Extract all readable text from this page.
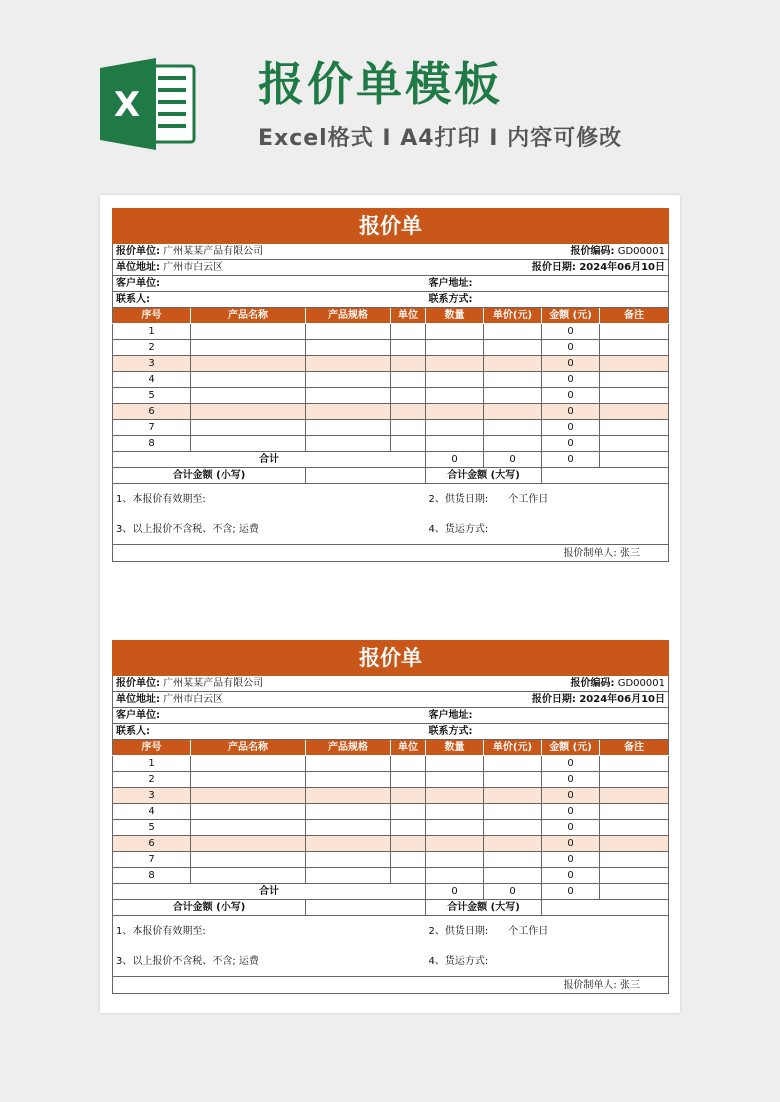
X	报价单模板
Excel格式 I A4打印 I 内容可修改
报价单							
报价单位: 广州某某产品有限公司					报价编码: GD00001		
单位地址: 广州市白云区					报价日期: 2024年06月10日		
客户单位:				客户地址:			
联系人:				联系方式:			
序号	产品名称	产品规格	单位	数量	单价(元)	金额 (元)	备注
1						0	
2						0	
3						0	
4						0	
5						0	
6						0	
7						0	
8						0	
合计				0	0	0	
合计金额 (小写)				合计金额 (大写)			
1、本报价有效期至:				2、供货日期: 个工作日			
3、以上报价不含税、不含; 运费				4、货运方式:			
报价制单人: 张三							
报价单							
报价单位: 广州某某产品有限公司					报价编码: GD00001		
单位地址: 广州市白云区					报价日期: 2024年06月10日		
客户单位:				客户地址:			
联系人:				联系方式:			
序号	产品名称	产品规格	单位	数量	单价(元)	金额 (元)	备注
1						0	
2						0	
3						0	
4						0	
5						0	
6						0	
7						0	
8						0	
合计				0	0	0	
合计金额 (小写)				合计金额 (大写)			
1、本报价有效期至:				2、供货日期: 个工作日			
3、以上报价不含税、不含; 运费				4、货运方式:			
报价制单人: 张三							
